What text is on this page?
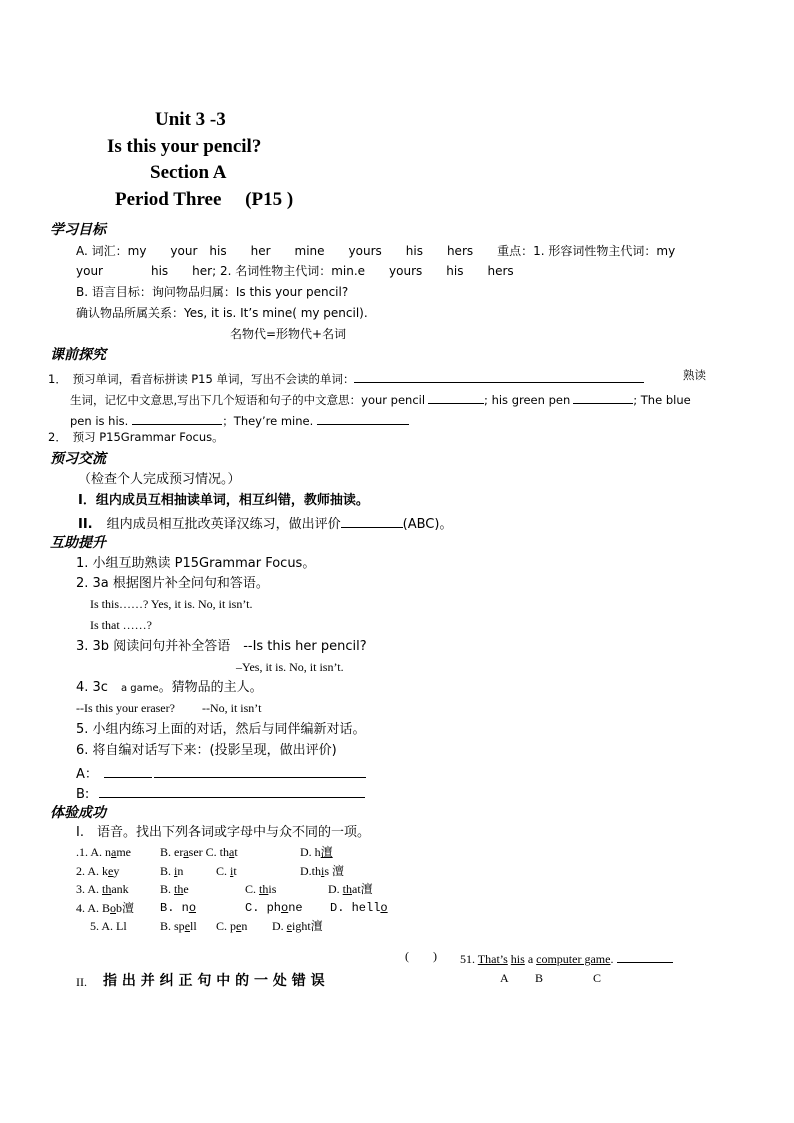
Unit 3 -3
Is this your pencil?
Section A
Period Three　 (P15 )
学习目标
A. 词汇：my　　your　his　　her　　mine　　yours　　his　　hers　　重点：1. 形容词性物主代词：my
your　　　　his　　her; 2. 名词性物主代词：min.e　　yours　　his　　hers
B. 语言目标：询问物品归属：Is this your pencil?
确认物品所属关系：Yes, it is. It’s mine( my pencil).
名物代=形物代+名词
课前探究
1．　预习单词，看音标拼读 P15 单词，写出不会读的单词：	熟读
生词，记忆中文意思,写出下几个短语和句子的中文意思：your pencil	; his green pen	; The blue
pen is his.	；They’re mine.
2．　预习 P15Grammar Focus。
预习交流
（检查个人完成预习情况。）
I．组内成员互相抽读单词，相互纠错，教师抽读。
II. 组内成员相互批改英译汉练习，做出评价	(ABC)。
互助提升
1. 小组互助熟读 P15Grammar Focus。
2. 3a 根据图片补全问句和答语。
Is this……? Yes, it is. No, it isn’t.
Is that ……?
3. 3b 阅读问句并补全答语　--Is this her pencil?
–Yes, it is. No, it isn’t.
4. 3c　a game。猜物品的主人。
--Is this your eraser?　　 --No, it isn’t
5. 小组内练习上面的对话，然后与同伴编新对话。
6. 将自编对话写下来：(投影呈现，做出评价)
A：
B:
体验成功
I.　语音。找出下列各词或字母中与众不同的一项。
.1. A. name B. eraser C. that	D. h澶
2. A. key	B. in	C. it	D.this 澶
3. A. thank	B. the	C. this	D. that澶
4. A. Bob澶 B. no	C. phone D. hello
5. A. Ll	B. spell C. pen D. eight澶
(　　) 51. That’s his a computer game.
A B	C
II. 指 出 并 纠 正 句 中 的 一 处 错 误
